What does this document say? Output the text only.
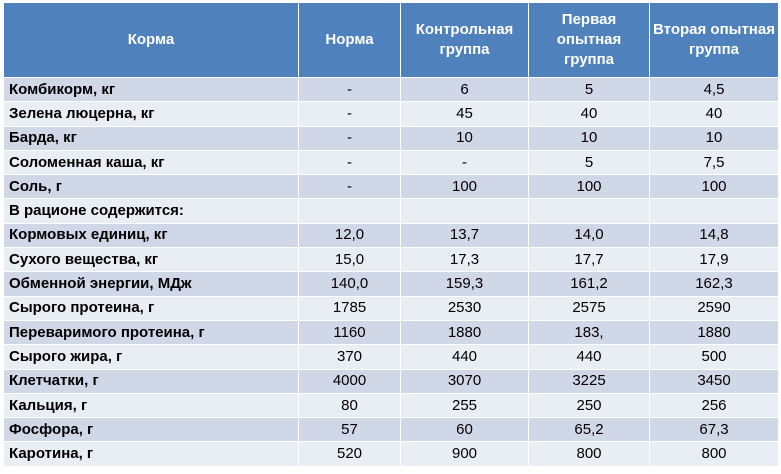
Корма	Норма	Контрольная группа	Первая опытная группа	Вторая опытная группа
Комбикорм, кг	-	6	5	4,5
Зелена люцерна, кг	-	45	40	40
Барда, кг	-	10	10	10
Соломенная каша, кг	-	-	5	7,5
Соль, г	-	100	100	100
В рационе содержится:				
Кормовых единиц, кг	12,0	13,7	14,0	14,8
Сухого вещества, кг	15,0	17,3	17,7	17,9
Обменной энергии, МДж	140,0	159,3	161,2	162,3
Сырого протеина, г	1785	2530	2575	2590
Переваримого протеина, г	1160	1880	183,	1880
Сырого жира, г	370	440	440	500
Клетчатки, г	4000	3070	3225	3450
Кальция, г	80	255	250	256
Фосфора, г	57	60	65,2	67,3
Каротина, г	520	900	800	800
